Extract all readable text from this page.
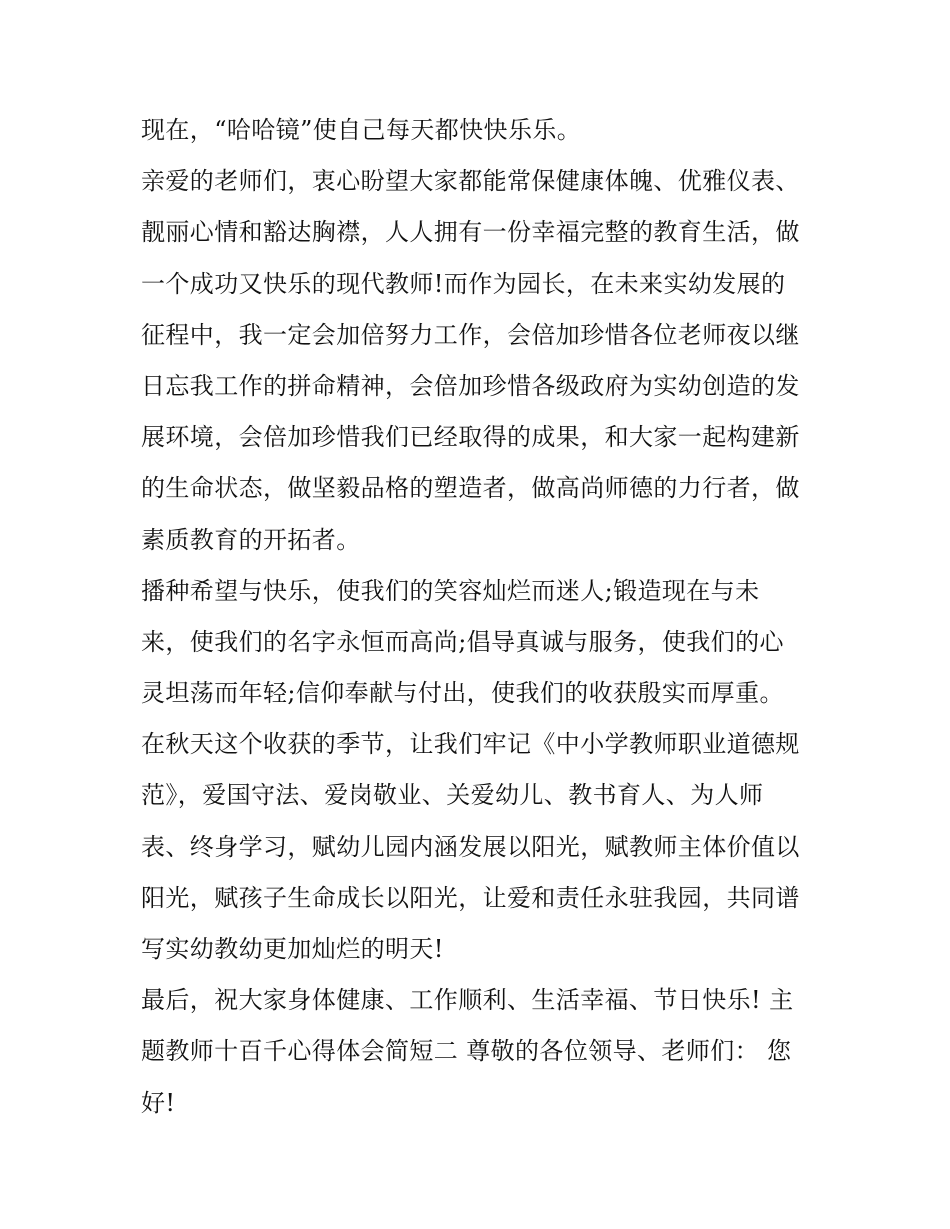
现在，“哈哈镜”使自己每天都快快乐乐。
亲爱的老师们，衷心盼望大家都能常保健康体魄、优雅仪表、
靓丽心情和豁达胸襟，人人拥有一份幸福完整的教育生活，做
一个成功又快乐的现代教师!而作为园长，在未来实幼发展的
征程中，我一定会加倍努力工作，会倍加珍惜各位老师夜以继
日忘我工作的拼命精神，会倍加珍惜各级政府为实幼创造的发
展环境，会倍加珍惜我们已经取得的成果，和大家一起构建新
的生命状态，做坚毅品格的塑造者，做高尚师德的力行者，做
素质教育的开拓者。
播种希望与快乐，使我们的笑容灿烂而迷人;锻造现在与未
来，使我们的名字永恒而高尚;倡导真诚与服务，使我们的心
灵坦荡而年轻;信仰奉献与付出，使我们的收获殷实而厚重。
在秋天这个收获的季节，让我们牢记《中小学教师职业道德规
范》，爱国守法、爱岗敬业、关爱幼儿、教书育人、为人师
表、终身学习，赋幼儿园内涵发展以阳光，赋教师主体价值以
阳光，赋孩子生命成长以阳光，让爱和责任永驻我园，共同谱
写实幼教幼更加灿烂的明天!
最后，祝大家身体健康、工作顺利、生活幸福、节日快乐! 主
题教师十百千心得体会简短二 尊敬的各位领导、老师们： 您
好!
